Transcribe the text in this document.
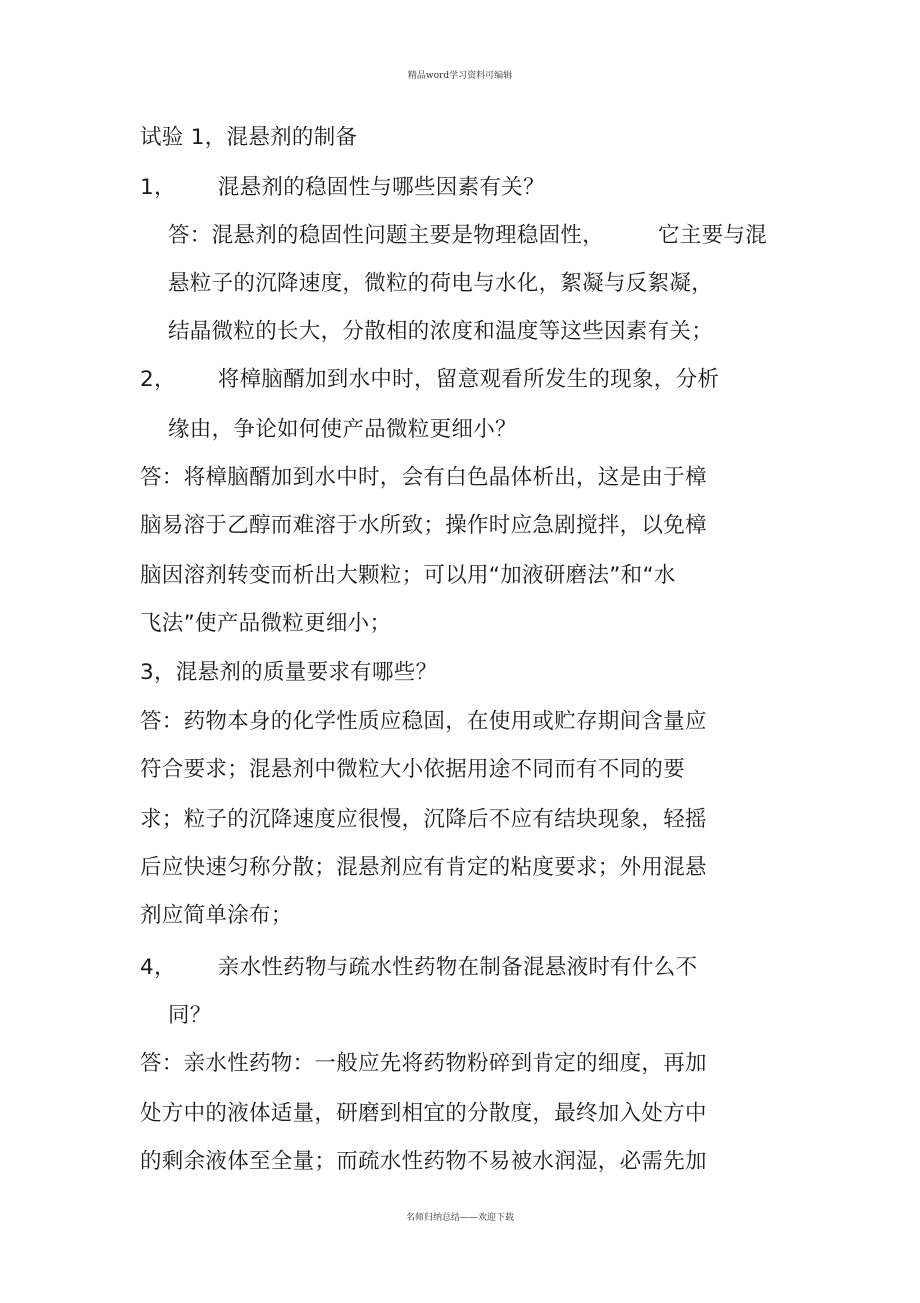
精品word学习资料可编辑
试验 1，混悬剂的制备
1， 混悬剂的稳固性与哪些因素有关？
答：混悬剂的稳固性问题主要是物理稳固性，	它主要与混
悬粒子的沉降速度，微粒的荷电与水化，絮凝与反絮凝，
结晶微粒的长大，分散相的浓度和温度等这些因素有关；
2， 将樟脑醑加到水中时，留意观看所发生的现象，分析
缘由，争论如何使产品微粒更细小？
答：将樟脑醑加到水中时，会有白色晶体析出，这是由于樟
脑易溶于乙醇而难溶于水所致；操作时应急剧搅拌，以免樟
脑因溶剂转变而析出大颗粒；可以用“加液研磨法”和“水
飞法”使产品微粒更细小；
3，混悬剂的质量要求有哪些？
答：药物本身的化学性质应稳固，在使用或贮存期间含量应
符合要求；混悬剂中微粒大小依据用途不同而有不同的要
求；粒子的沉降速度应很慢，沉降后不应有结块现象，轻摇
后应快速匀称分散；混悬剂应有肯定的粘度要求；外用混悬
剂应简单涂布；
4， 亲水性药物与疏水性药物在制备混悬液时有什么不
同？
答：亲水性药物：一般应先将药物粉碎到肯定的细度，再加
处方中的液体适量，研磨到相宜的分散度，最终加入处方中
的剩余液体至全量；而疏水性药物不易被水润湿，必需先加
名师归纳总结——欢迎下载
